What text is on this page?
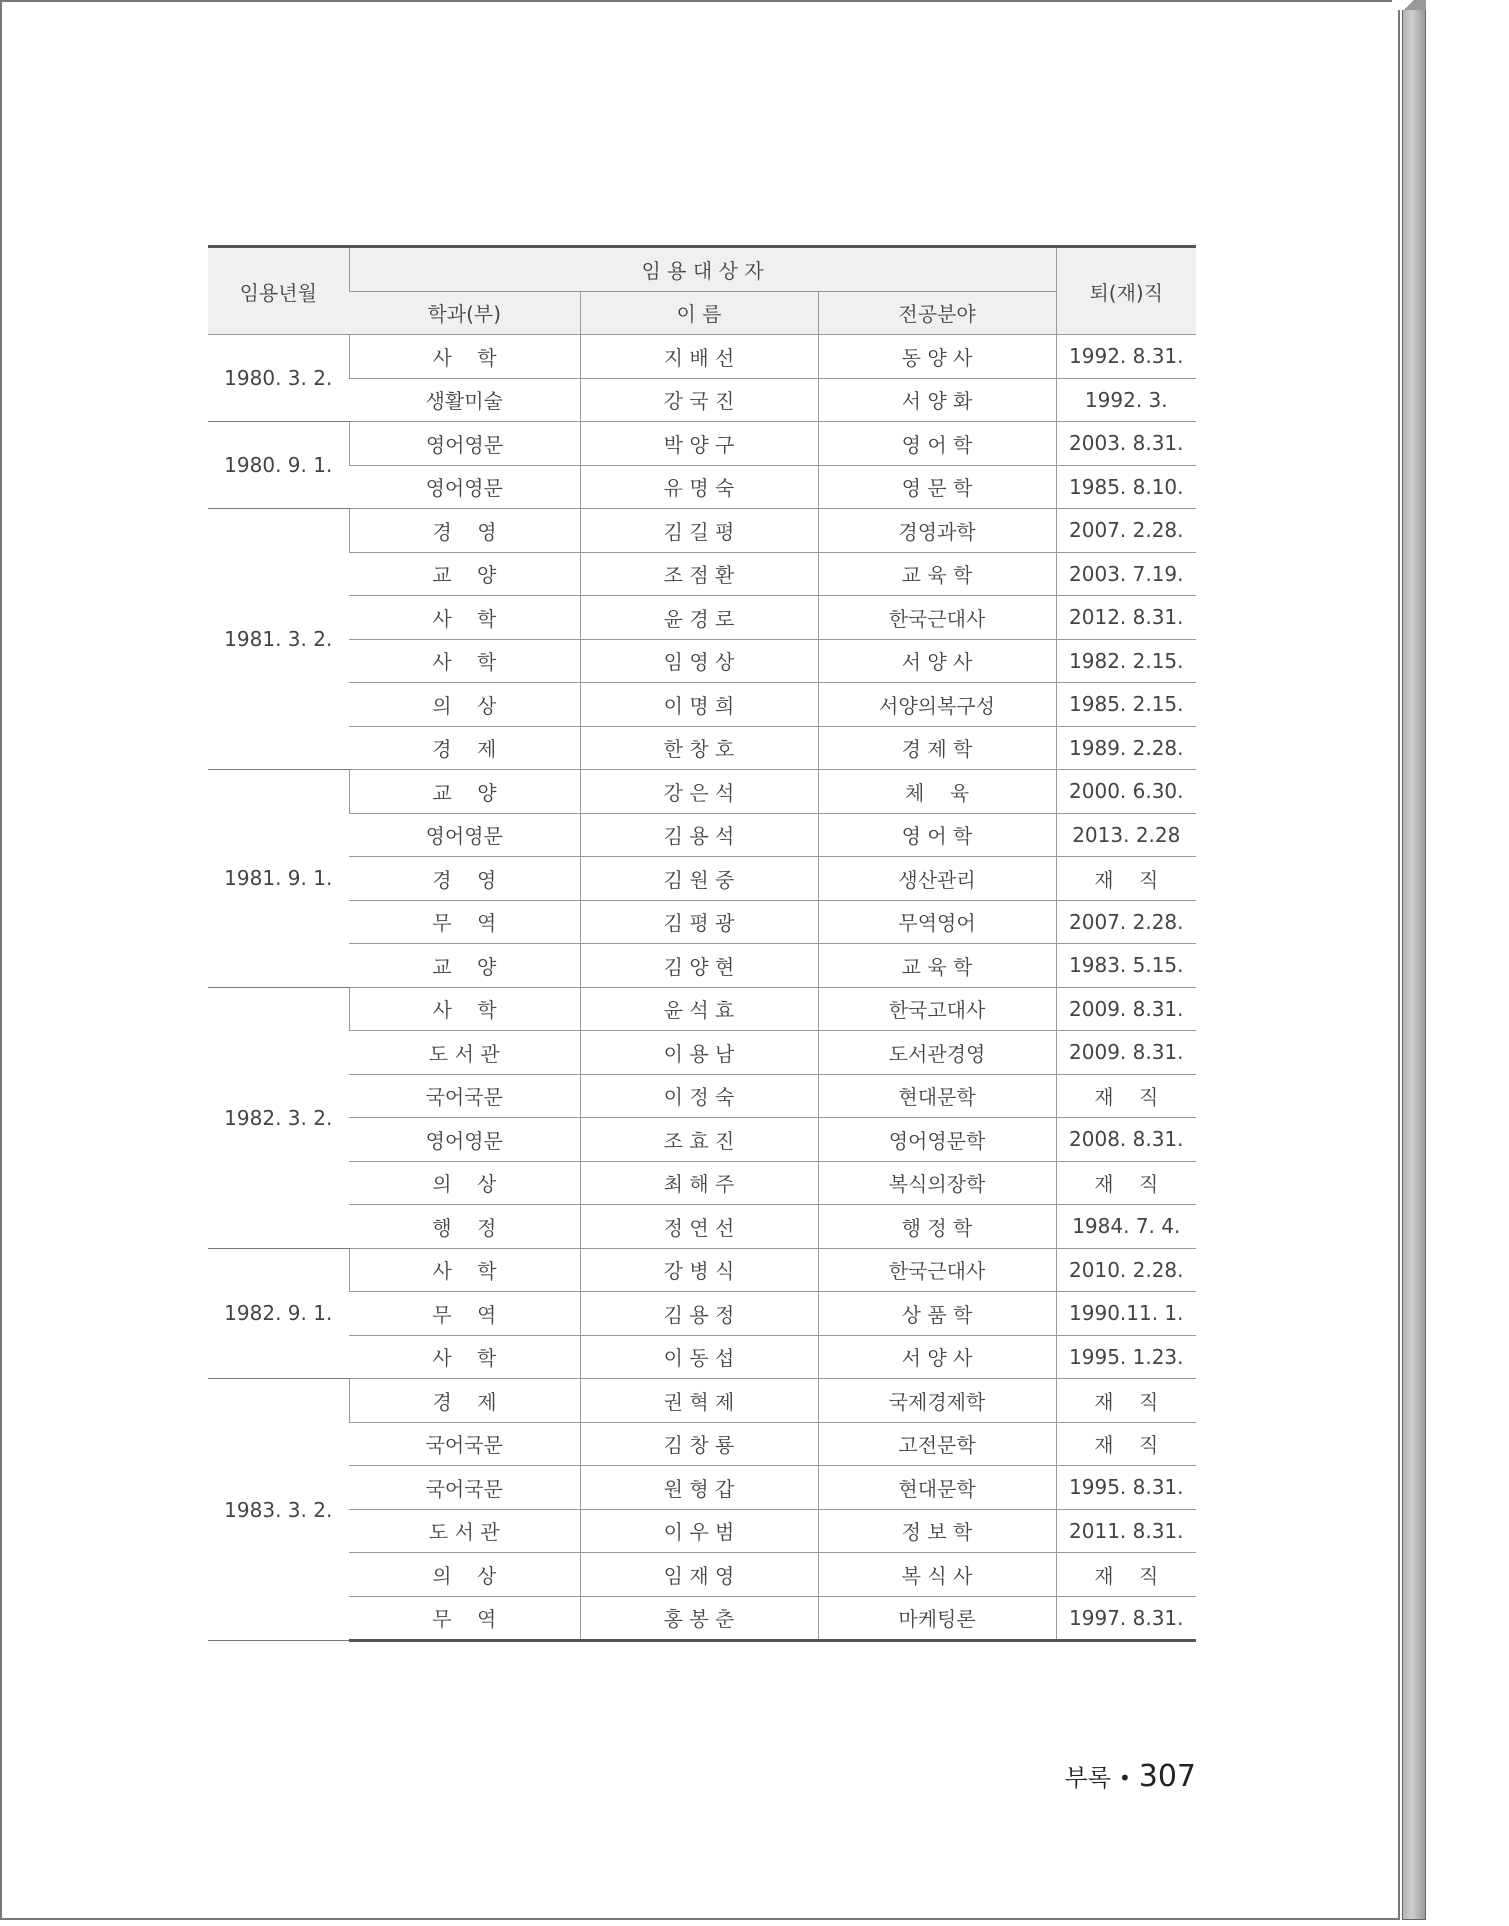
임용년월	임 용 대 상 자			퇴(재)직
	학과(부)	이 름	전공분야	
1980. 3. 2.	사    학	지 배 선	동 양 사	1992. 8.31.
	생활미술	강 국 진	서 양 화	1992. 3.
1980. 9. 1.	영어영문	박 양 구	영 어 학	2003. 8.31.
	영어영문	유 명 숙	영 문 학	1985. 8.10.
1981. 3. 2.	경    영	김 길 평	경영과학	2007. 2.28.
	교    양	조 점 환	교 육 학	2003. 7.19.
	사    학	윤 경 로	한국근대사	2012. 8.31.
	사    학	임 영 상	서 양 사	1982. 2.15.
	의    상	이 명 희	서양의복구성	1985. 2.15.
	경    제	한 창 호	경 제 학	1989. 2.28.
1981. 9. 1.	교    양	강 은 석	체    육	2000. 6.30.
	영어영문	김 용 석	영 어 학	2013. 2.28
	경    영	김 원 중	생산관리	재    직
	무    역	김 평 광	무역영어	2007. 2.28.
	교    양	김 양 현	교 육 학	1983. 5.15.
1982. 3. 2.	사    학	윤 석 효	한국고대사	2009. 8.31.
	도 서 관	이 용 남	도서관경영	2009. 8.31.
	국어국문	이 정 숙	현대문학	재    직
	영어영문	조 효 진	영어영문학	2008. 8.31.
	의    상	최 해 주	복식의장학	재    직
	행    정	정 연 선	행 정 학	1984. 7. 4.
1982. 9. 1.	사    학	강 병 식	한국근대사	2010. 2.28.
	무    역	김 용 정	상 품 학	1990.11. 1.
	사    학	이 동 섭	서 양 사	1995. 1.23.
1983. 3. 2.	경    제	권 혁 제	국제경제학	재    직
	국어국문	김 창 룡	고전문학	재    직
	국어국문	원 형 갑	현대문학	1995. 8.31.
	도 서 관	이 우 범	정 보 학	2011. 8.31.
	의    상	임 재 영	복 식 사	재    직
	무    역	홍 봉 춘	마케팅론	1997. 8.31.
부록 • 307
